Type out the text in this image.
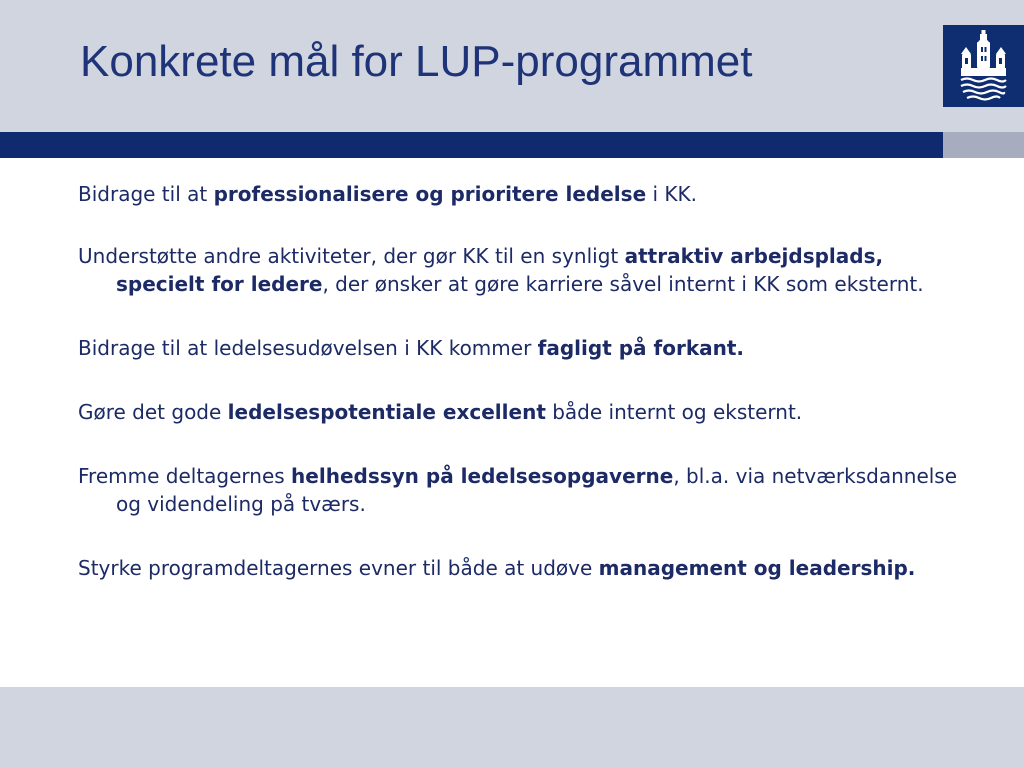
Konkrete mål for LUP-programmet
Bidrage til at professionalisere og prioritere ledelse i KK.
Understøtte andre aktiviteter, der gør KK til en synligt attraktiv arbejdsplads, specielt for ledere, der ønsker at gøre karriere såvel internt i KK som eksternt.
Bidrage til at ledelsesudøvelsen i KK kommer fagligt på forkant.
Gøre det gode ledelsespotentiale excellent både internt og eksternt.
Fremme deltagernes helhedssyn på ledelsesopgaverne, bl.a. via netværksdannelse og videndeling på tværs.
Styrke programdeltagernes evner til både at udøve management og leadership.
